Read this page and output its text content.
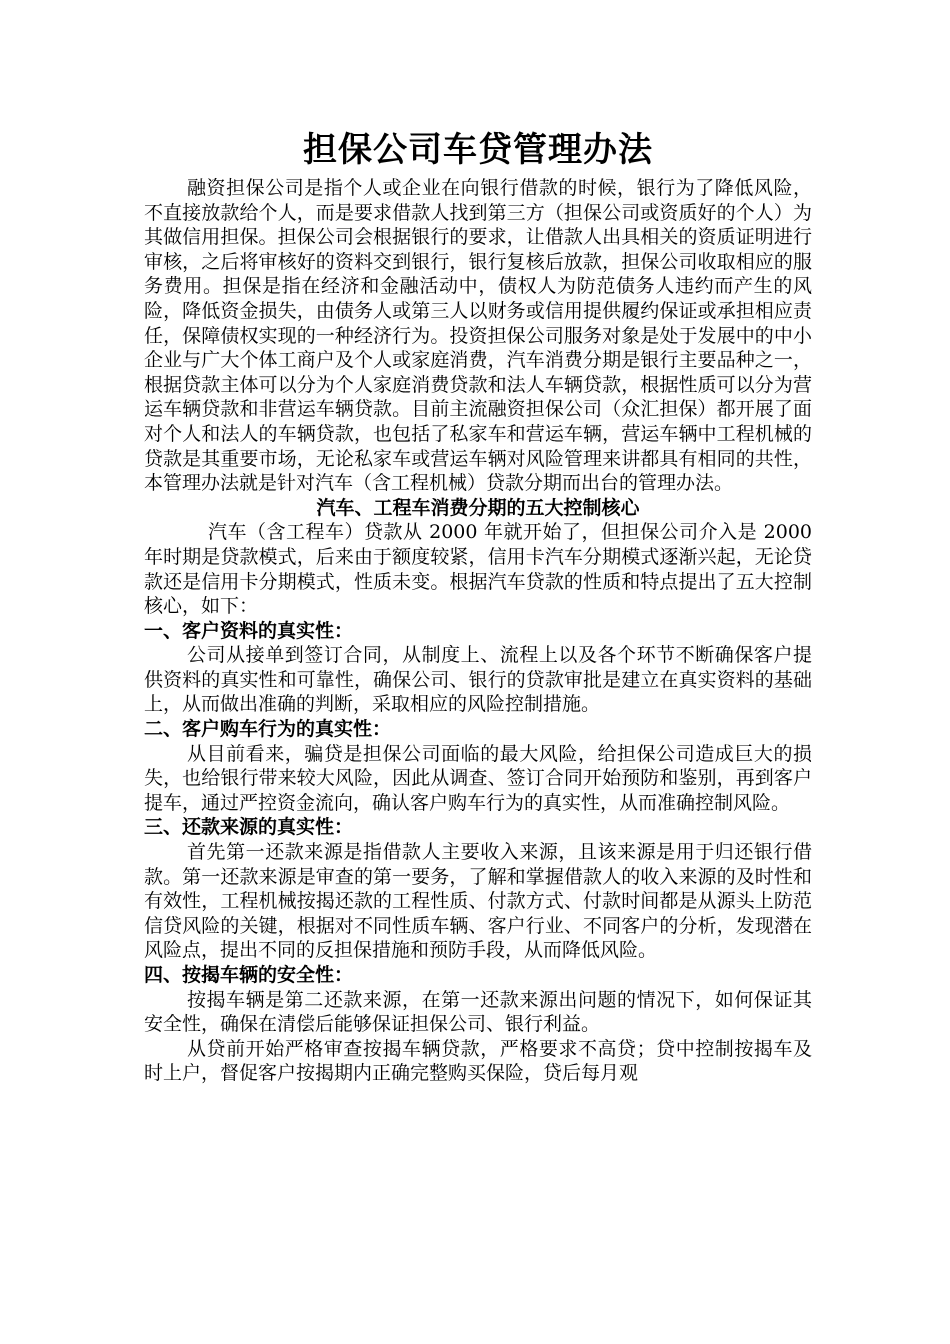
担保公司车贷管理办法

融资担保公司是指个人或企业在向银行借款的时候，银行为了降低风险，不直接放款给个人，而是要求借款人找到第三方（担保公司或资质好的个人）为其做信用担保。担保公司会根据银行的要求，让借款人出具相关的资质证明进行审核，之后将审核好的资料交到银行，银行复核后放款，担保公司收取相应的服务费用。担保是指在经济和金融活动中，债权人为防范债务人违约而产生的风险，降低资金损失，由债务人或第三人以财务或信用提供履约保证或承担相应责任，保障债权实现的一种经济行为。投资担保公司服务对象是处于发展中的中小企业与广大个体工商户及个人或家庭消费，汽车消费分期是银行主要品种之一，根据贷款主体可以分为个人家庭消费贷款和法人车辆贷款，根据性质可以分为营运车辆贷款和非营运车辆贷款。目前主流融资担保公司（众汇担保）都开展了面对个人和法人的车辆贷款，也包括了私家车和营运车辆，营运车辆中工程机械的贷款是其重要市场，无论私家车或营运车辆对风险管理来讲都具有相同的共性，本管理办法就是针对汽车（含工程机械）贷款分期而出台的管理办法。

汽车、工程车消费分期的五大控制核心

汽车（含工程车）贷款从 2000 年就开始了，但担保公司介入是 2000 年时期是贷款模式，后来由于额度较紧，信用卡汽车分期模式逐渐兴起，无论贷款还是信用卡分期模式，性质未变。根据汽车贷款的性质和特点提出了五大控制核心，如下：

一、客户资料的真实性：

公司从接单到签订合同，从制度上、流程上以及各个环节不断确保客户提供资料的真实性和可靠性，确保公司、银行的贷款审批是建立在真实资料的基础上，从而做出准确的判断，采取相应的风险控制措施。

二、客户购车行为的真实性：

从目前看来，骗贷是担保公司面临的最大风险，给担保公司造成巨大的损失，也给银行带来较大风险，因此从调查、签订合同开始预防和鉴别，再到客户提车，通过严控资金流向，确认客户购车行为的真实性，从而准确控制风险。

三、还款来源的真实性：

首先第一还款来源是指借款人主要收入来源，且该来源是用于归还银行借款。第一还款来源是审查的第一要务，了解和掌握借款人的收入来源的及时性和有效性，工程机械按揭还款的工程性质、付款方式、付款时间都是从源头上防范信贷风险的关键，根据对不同性质车辆、客户行业、不同客户的分析，发现潜在风险点，提出不同的反担保措施和预防手段，从而降低风险。

四、按揭车辆的安全性：

按揭车辆是第二还款来源，在第一还款来源出问题的情况下，如何保证其安全性，确保在清偿后能够保证担保公司、银行利益。

从贷前开始严格审查按揭车辆贷款，严格要求不高贷；贷中控制按揭车及时上户，督促客户按揭期内正确完整购买保险，贷后每月观
